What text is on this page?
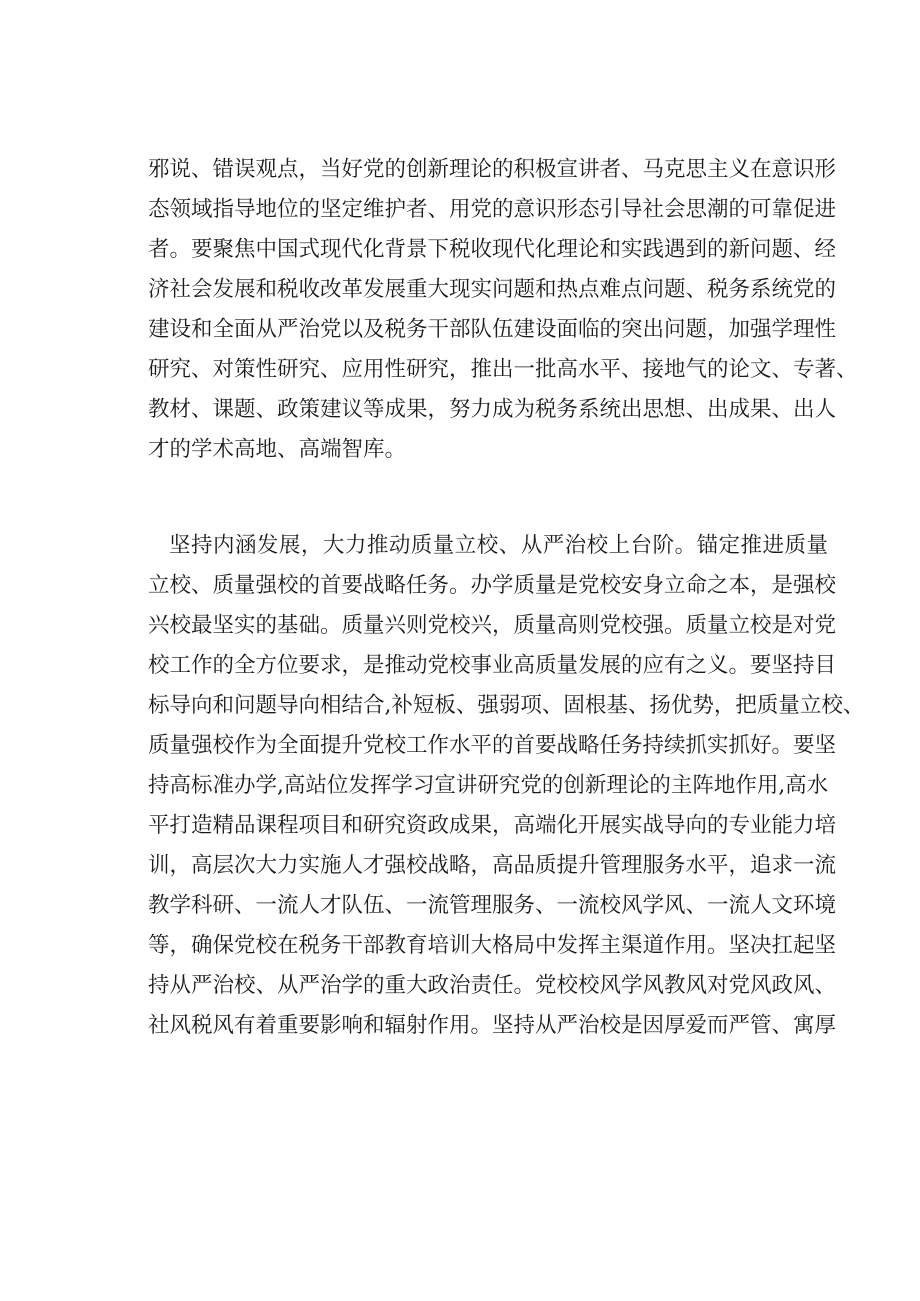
邪说、错误观点，当好党的创新理论的积极宣讲者、马克思主义在意识形
态领域指导地位的坚定维护者、用党的意识形态引导社会思潮的可靠促进
者。要聚焦中国式现代化背景下税收现代化理论和实践遇到的新问题、经
济社会发展和税收改革发展重大现实问题和热点难点问题、税务系统党的
建设和全面从严治党以及税务干部队伍建设面临的突出问题，加强学理性
研究、对策性研究、应用性研究，推出一批高水平、接地气的论文、专著、
教材、课题、政策建议等成果，努力成为税务系统出思想、出成果、出人
才的学术高地、高端智库。
坚持内涵发展，大力推动质量立校、从严治校上台阶。锚定推进质量
立校、质量强校的首要战略任务。办学质量是党校安身立命之本，是强校
兴校最坚实的基础。质量兴则党校兴，质量高则党校强。质量立校是对党
校工作的全方位要求，是推动党校事业高质量发展的应有之义。要坚持目
标导向和问题导向相结合,补短板、强弱项、固根基、扬优势，把质量立校、
质量强校作为全面提升党校工作水平的首要战略任务持续抓实抓好。要坚
持高标准办学,高站位发挥学习宣讲研究党的创新理论的主阵地作用,高水
平打造精品课程项目和研究资政成果，高端化开展实战导向的专业能力培
训，高层次大力实施人才强校战略，高品质提升管理服务水平，追求一流
教学科研、一流人才队伍、一流管理服务、一流校风学风、一流人文环境
等，确保党校在税务干部教育培训大格局中发挥主渠道作用。坚决扛起坚
持从严治校、从严治学的重大政治责任。党校校风学风教风对党风政风、
社风税风有着重要影响和辐射作用。坚持从严治校是因厚爱而严管、寓厚
